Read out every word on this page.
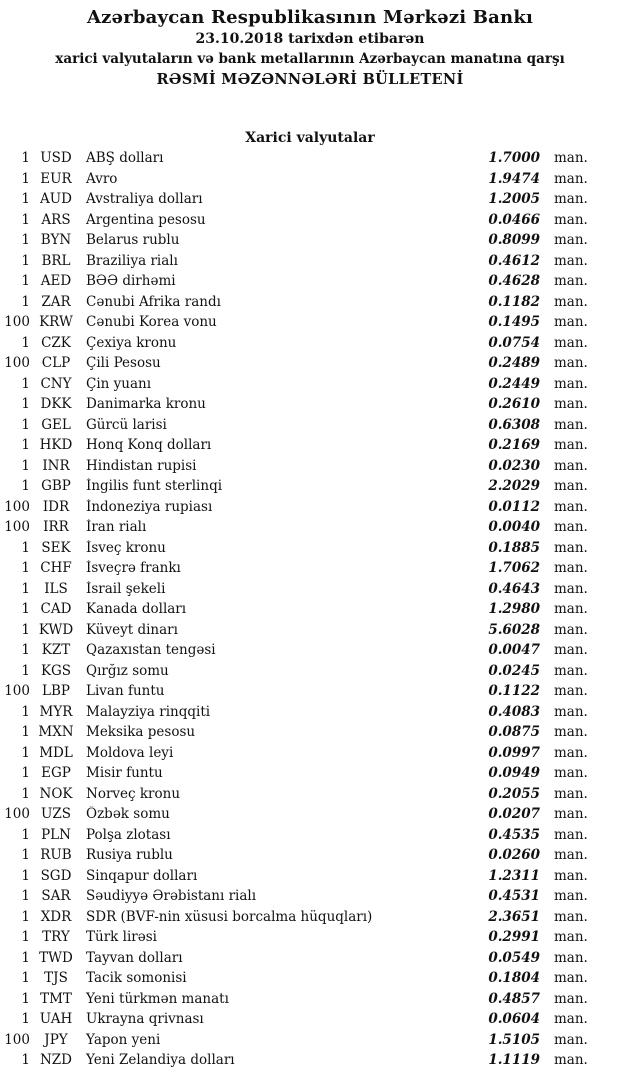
Azərbaycan Respublikasının Mərkəzi Bankı
23.10.2018 tarixdən etibarən
xarici valyutaların və bank metallarının Azərbaycan manatına qarşı
RƏSMİ MƏZƏNNƏLƏRİ BÜLLETENİ
Xarici valyutalar
1 USD	ABŞ dolları	1.7000	man.
1 EUR	Avro	1.9474	man.
1 AUD	Avstraliya dolları	1.2005	man.
1 ARS	Argentina pesosu	0.0466	man.
1 BYN	Belarus rublu	0.8099	man.
1 BRL	Braziliya rialı	0.4612	man.
1 AED	BƏƏ dirhəmi	0.4628	man.
1 ZAR	Cənubi Afrika randı	0.1182	man.
100 KRW Cənubi Korea vonu	0.1495	man.
1 CZK	Çexiya kronu	0.0754	man.
100 CLP	Çili Pesosu	0.2489	man.
1 CNY	Çin yuanı	0.2449	man.
1 DKK	Danimarka kronu	0.2610	man.
1 GEL	Gürcü larisi	0.6308	man.
1 HKD	Honq Konq dolları	0.2169	man.
1 INR	Hindistan rupisi	0.0230	man.
1 GBP	İngilis funt sterlinqi	2.2029	man.
100 IDR	İndoneziya rupiası	0.0112	man.
100 IRR	İran rialı	0.0040	man.
1 SEK	İsveç kronu	0.1885	man.
1 CHF	İsveçrə frankı	1.7062	man.
1	ILS	İsrail şekeli	0.4643	man.
1 CAD	Kanada dolları	1.2980	man.
1 KWD Küveyt dinarı	5.6028	man.
1 KZT	Qazaxıstan tengəsi	0.0047	man.
1 KGS	Qırğız somu	0.0245	man.
100 LBP	Livan funtu	0.1122	man.
1 MYR	Malayziya rinqqiti	0.4083	man.
1 MXN Meksika pesosu	0.0875	man.
1 MDL Moldova leyi	0.0997	man.
1 EGP	Misir funtu	0.0949	man.
1 NOK	Norveç kronu	0.2055	man.
100 UZS	Özbək somu	0.0207	man.
1 PLN	Polşa zlotası	0.4535	man.
1 RUB	Rusiya rublu	0.0260	man.
1 SGD	Sinqapur dolları	1.2311	man.
1 SAR	Səudiyyə Ərəbistanı rialı	0.4531	man.
1 XDR	SDR (BVF-nin xüsusi borcalma hüquqları)	2.3651	man.
1 TRY	Türk lirəsi	0.2991	man.
1 TWD Tayvan dolları	0.0549	man.
1	TJS	Tacik somonisi	0.1804	man.
1 TMT	Yeni türkmən manatı	0.4857	man.
1 UAH	Ukrayna qrivnası	0.0604	man.
100	JPY	Yapon yeni	1.5105	man.
1 NZD	Yeni Zelandiya dolları	1.1119	man.
